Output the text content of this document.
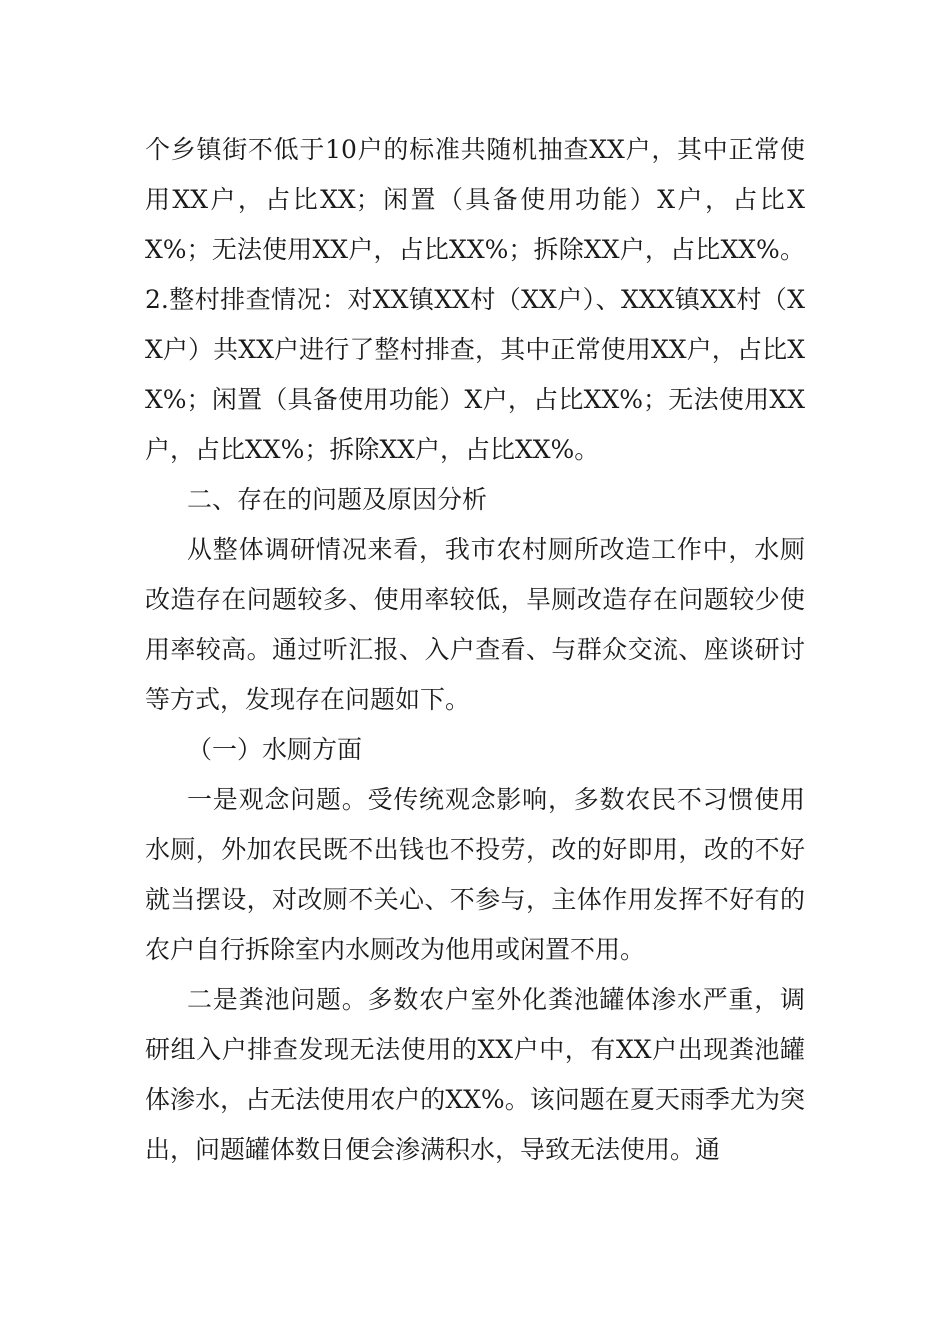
个乡镇街不低于10户的标准共随机抽查XX户，其中正常使用XX户，占比XX；闲置（具备使用功能）X户，占比XX%；无法使用XX户，占比XX%；拆除XX户，占比XX%。2.整村排查情况：对XX镇XX村（XX户）、XXX镇XX村（XX户）共XX户进行了整村排查，其中正常使用XX户，占比XX%；闲置（具备使用功能）X户，占比XX%；无法使用XX户，占比XX%；拆除XX户，占比XX%。

二、存在的问题及原因分析

从整体调研情况来看，我市农村厕所改造工作中，水厕改造存在问题较多、使用率较低，旱厕改造存在问题较少使用率较高。通过听汇报、入户查看、与群众交流、座谈研讨等方式，发现存在问题如下。

（一）水厕方面

一是观念问题。受传统观念影响，多数农民不习惯使用水厕，外加农民既不出钱也不投劳，改的好即用，改的不好就当摆设，对改厕不关心、不参与，主体作用发挥不好有的农户自行拆除室内水厕改为他用或闲置不用。

二是粪池问题。多数农户室外化粪池罐体渗水严重，调研组入户排查发现无法使用的XX户中，有XX户出现粪池罐体渗水，占无法使用农户的XX%。该问题在夏天雨季尤为突出，问题罐体数日便会渗满积水，导致无法使用。通
